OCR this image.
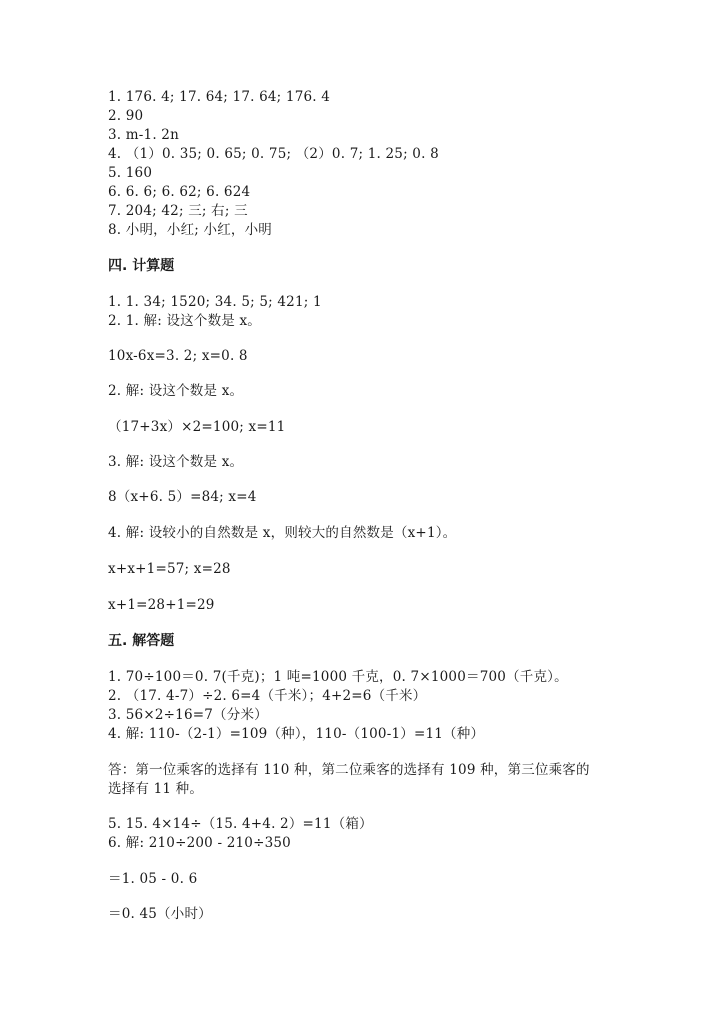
1. 176. 4; 17. 64; 17. 64; 176. 4
2. 90
3. m-1. 2n
4. （1）0. 35; 0. 65; 0. 75; （2）0. 7; 1. 25; 0. 8
5. 160
6. 6. 6; 6. 62; 6. 624
7. 204; 42; 三; 右; 三
8. 小明，小红; 小红，小明
四. 计算题
1. 1. 34; 1520; 34. 5; 5; 421; 1
2. 1. 解: 设这个数是 x。
10x-6x=3. 2; x=0. 8
2. 解: 设这个数是 x。
（17+3x）×2=100; x=11
3. 解: 设这个数是 x。
8（x+6. 5）=84; x=4
4. 解: 设较小的自然数是 x，则较大的自然数是（x+1）。
x+x+1=57; x=28
x+1=28+1=29
五. 解答题
1. 70÷100＝0. 7(千克)；1 吨=1000 千克，0. 7×1000＝700（千克）。
2. （17. 4-7）÷2. 6=4（千米）；4+2=6（千米）
3. 56×2÷16=7（分米）
4. 解: 110-（2-1）=109（种），110-（100-1）=11（种）
答：第一位乘客的选择有 110 种，第二位乘客的选择有 109 种，第三位乘客的
选择有 11 种。
5. 15. 4×14÷（15. 4+4. 2）=11（箱）
6. 解: 210÷200 - 210÷350
＝1. 05 - 0. 6
＝0. 45（小时）
